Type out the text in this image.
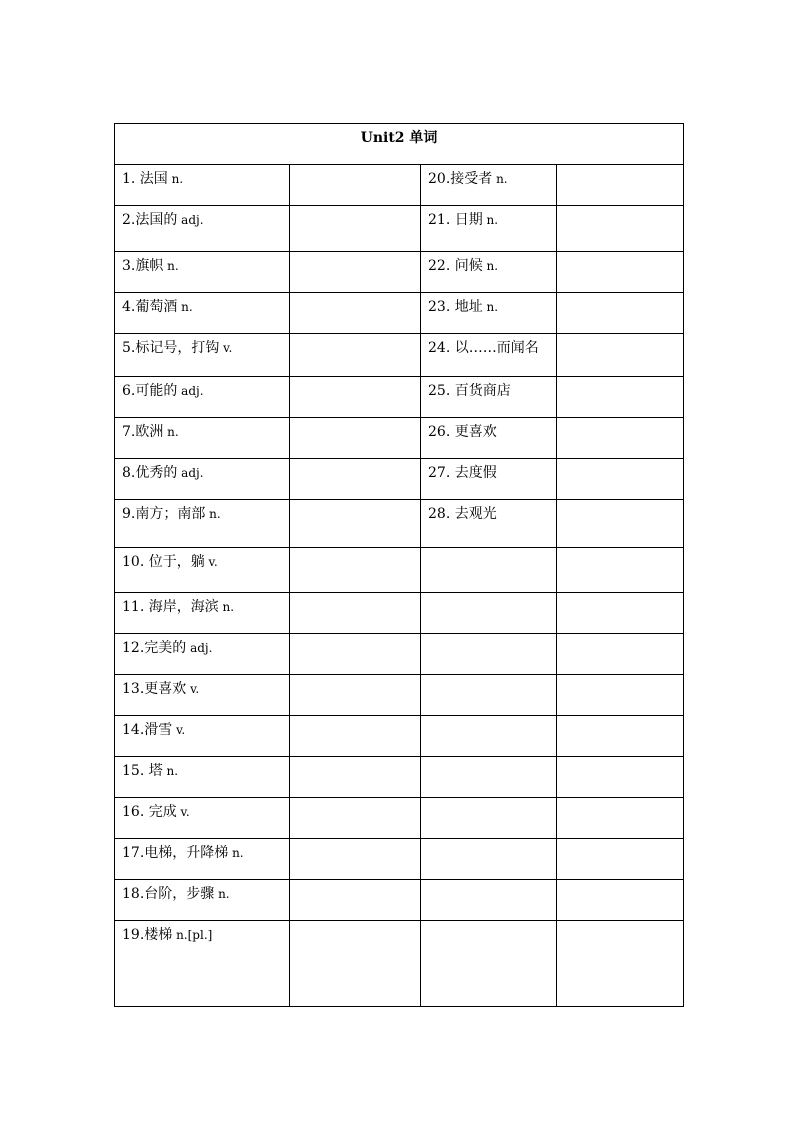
Unit2 单词			
1. 法国 n.		20.接受者 n.	
2.法国的 adj.		21. 日期 n.	
3.旗帜 n.		22. 问候 n.	
4.葡萄酒 n.		23. 地址 n.	
5.标记号，打钩 v.		24. 以……而闻名	
6.可能的 adj.		25. 百货商店	
7.欧洲 n.		26. 更喜欢	
8.优秀的 adj.		27. 去度假	
9.南方；南部 n.		28. 去观光	
10. 位于，躺 v.			
11. 海岸，海滨 n.			
12.完美的 adj.			
13.更喜欢 v.			
14.滑雪 v.			
15. 塔 n.			
16. 完成 v.			
17.电梯，升降梯 n.			
18.台阶，步骤 n.			
19.楼梯 n.[pl.]			
